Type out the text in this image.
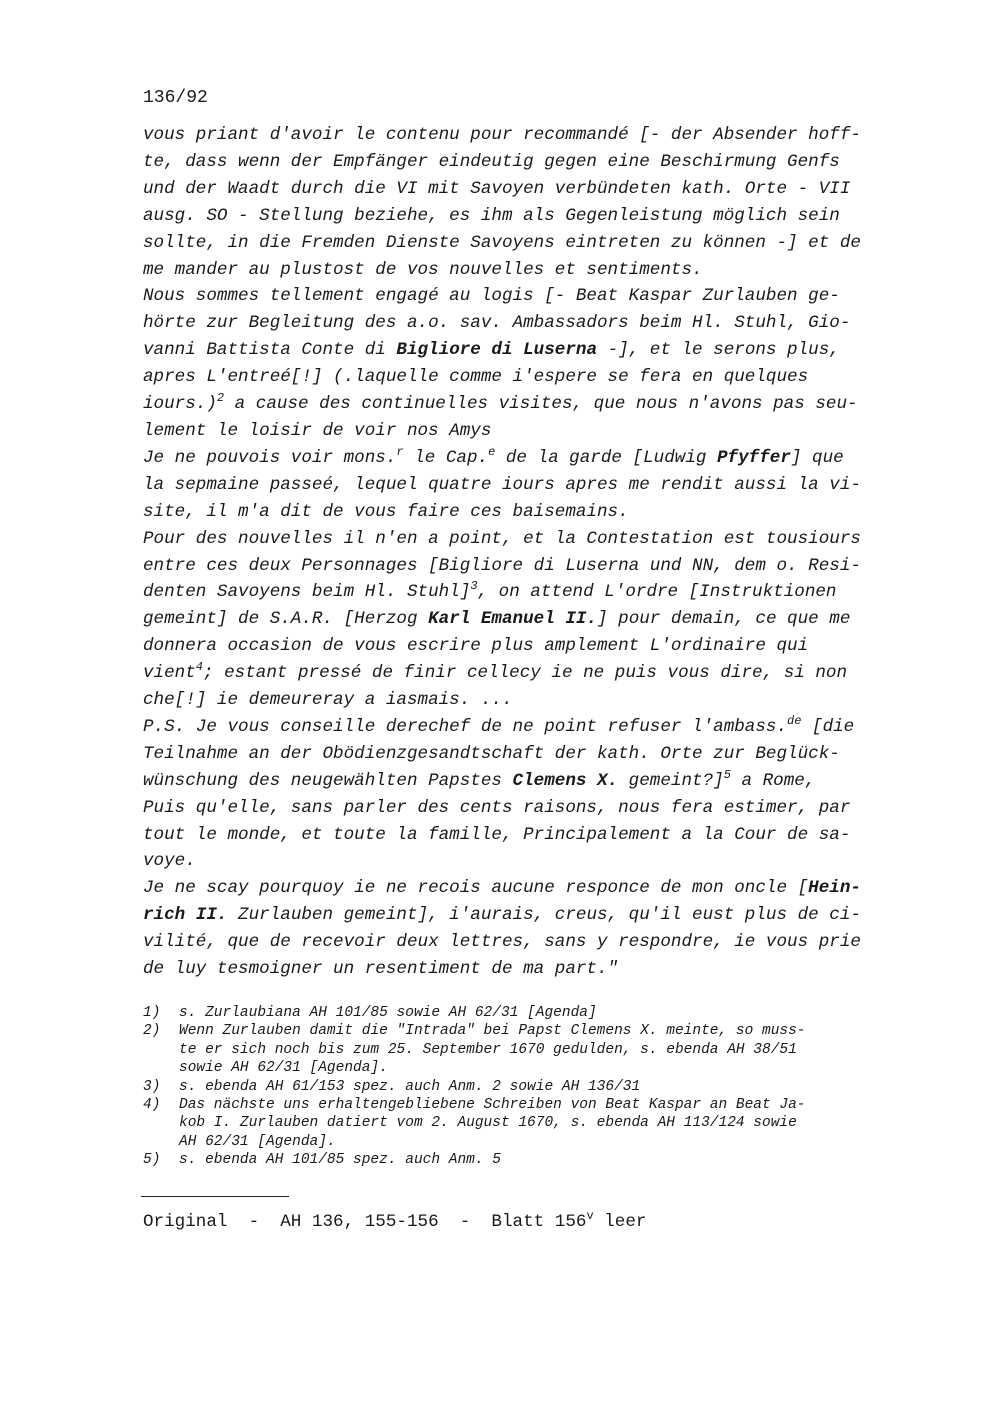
136/92
vous priant d'avoir le contenu pour recommandé [- der Absender hoff-
te, dass wenn der Empfänger eindeutig gegen eine Beschirmung Genfs
und der Waadt durch die VI mit Savoyen verbündeten kath. Orte - VII
ausg. SO - Stellung beziehe, es ihm als Gegenleistung möglich sein
sollte, in die Fremden Dienste Savoyens eintreten zu können -] et de
me mander au plustost de vos nouvelles et sentiments.
Nous sommes tellement engagé au logis [- Beat Kaspar Zurlauben ge-
hörte zur Begleitung des a.o. sav. Ambassadors beim Hl. Stuhl, Gio-
vanni Battista Conte di Bigliore di Luserna -], et le serons plus,
apres L'entreé[!] (.laquelle comme i'espere se fera en quelques
iours.)$^2$ a cause des continuelles visites, que nous n'avons pas seu-
lement le loisir de voir nos Amys
Je ne pouvois voir mons.$^r$ le Cap.$^e$ de la garde [Ludwig Pfyffer] que
la sepmaine passeé, lequel quatre iours apres me rendit aussi la vi-
site, il m'a dit de vous faire ces baisemains.
Pour des nouvelles il n'en a point, et la Contestation est tousiours
entre ces deux Personnages [Bigliore di Luserna und NN, dem o. Resi-
denten Savoyens beim Hl. Stuhl]$^3$, on attend L'ordre [Instruktionen
gemeint] de S.A.R. [Herzog Karl Emanuel II.] pour demain, ce que me
donnera occasion de vous escrire plus amplement L'ordinaire qui
vient$^4$; estant pressé de finir cellecy ie ne puis vous dire, si non
che[!] ie demeureray a iasmais. ...
P.S. Je vous conseille derechef de ne point refuser l'ambass.$^{de}$ [die
Teilnahme an der Obödienzgesandtschaft der kath. Orte zur Beglück-
wünschung des neugewählten Papstes Clemens X. gemeint?]$^5$ a Rome,
Puis qu'elle, sans parler des cents raisons, nous fera estimer, par
tout le monde, et toute la famille, Principalement a la Cour de sa-
voye.
Je ne scay pourquoy ie ne recois aucune responce de mon oncle [Hein-
rich II. Zurlauben gemeint], i'aurais, creus, qu'il eust plus de ci-
vilité, que de recevoir deux lettres, sans y respondre, ie vous prie
de luy tesmoigner un resentiment de ma part."
1)	s. Zurlaubiana AH 101/85 sowie AH 62/31 [Agenda]
2)	Wenn Zurlauben damit die "Intrada" bei Papst Clemens X. meinte, so muss-
te er sich noch bis zum 25. September 1670 gedulden, s. ebenda AH 38/51
sowie AH 62/31 [Agenda].
3)	s. ebenda AH 61/153 spez. auch Anm. 2 sowie AH 136/31
4)	Das nächste uns erhaltengebliebene Schreiben von Beat Kaspar an Beat Ja-
kob I. Zurlauben datiert vom 2. August 1670, s. ebenda AH 113/124 sowie
AH 62/31 [Agenda].
5)	s. ebenda AH 101/85 spez. auch Anm. 5
Original  -  AH 136, 155-156  -  Blatt 156$^v$ leer
